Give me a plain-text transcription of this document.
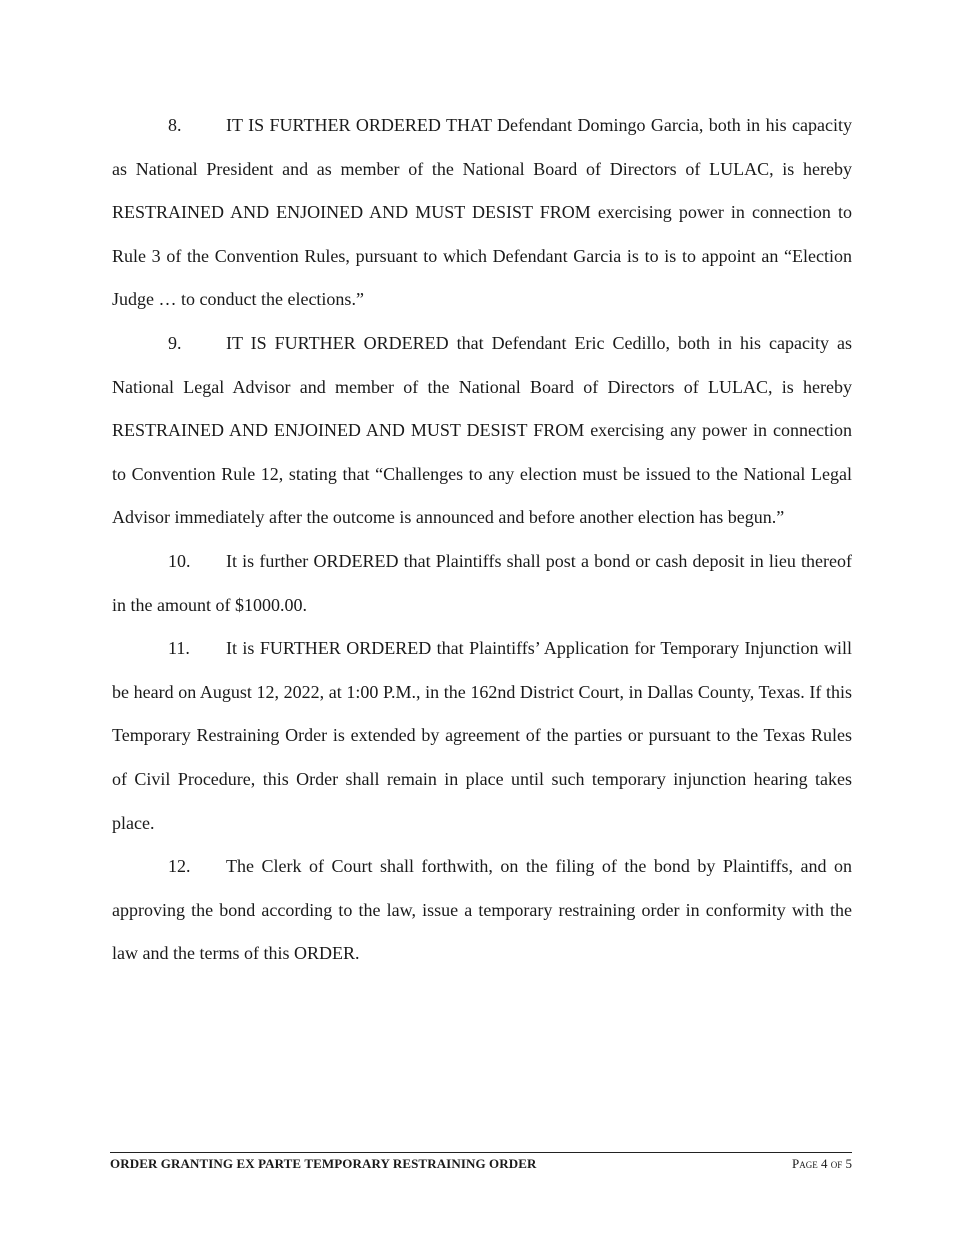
8. IT IS FURTHER ORDERED THAT Defendant Domingo Garcia, both in his capacity as National President and as member of the National Board of Directors of LULAC, is hereby RESTRAINED AND ENJOINED AND MUST DESIST FROM exercising power in connection to Rule 3 of the Convention Rules, pursuant to which Defendant Garcia is to is to appoint an “Election Judge … to conduct the elections.”

9. IT IS FURTHER ORDERED that Defendant Eric Cedillo, both in his capacity as National Legal Advisor and member of the National Board of Directors of LULAC, is hereby RESTRAINED AND ENJOINED AND MUST DESIST FROM exercising any power in connection to Convention Rule 12, stating that “Challenges to any election must be issued to the National Legal Advisor immediately after the outcome is announced and before another election has begun.”

10. It is further ORDERED that Plaintiffs shall post a bond or cash deposit in lieu thereof in the amount of $1000.00.

11. It is FURTHER ORDERED that Plaintiffs’ Application for Temporary Injunction will be heard on August 12, 2022, at 1:00 P.M., in the 162nd District Court, in Dallas County, Texas. If this Temporary Restraining Order is extended by agreement of the parties or pursuant to the Texas Rules of Civil Procedure, this Order shall remain in place until such temporary injunction hearing takes place.

12. The Clerk of Court shall forthwith, on the filing of the bond by Plaintiffs, and on approving the bond according to the law, issue a temporary restraining order in conformity with the law and the terms of this ORDER.

ORDER GRANTING EX PARTE TEMPORARY RESTRAINING ORDER	Page 4 of 5
